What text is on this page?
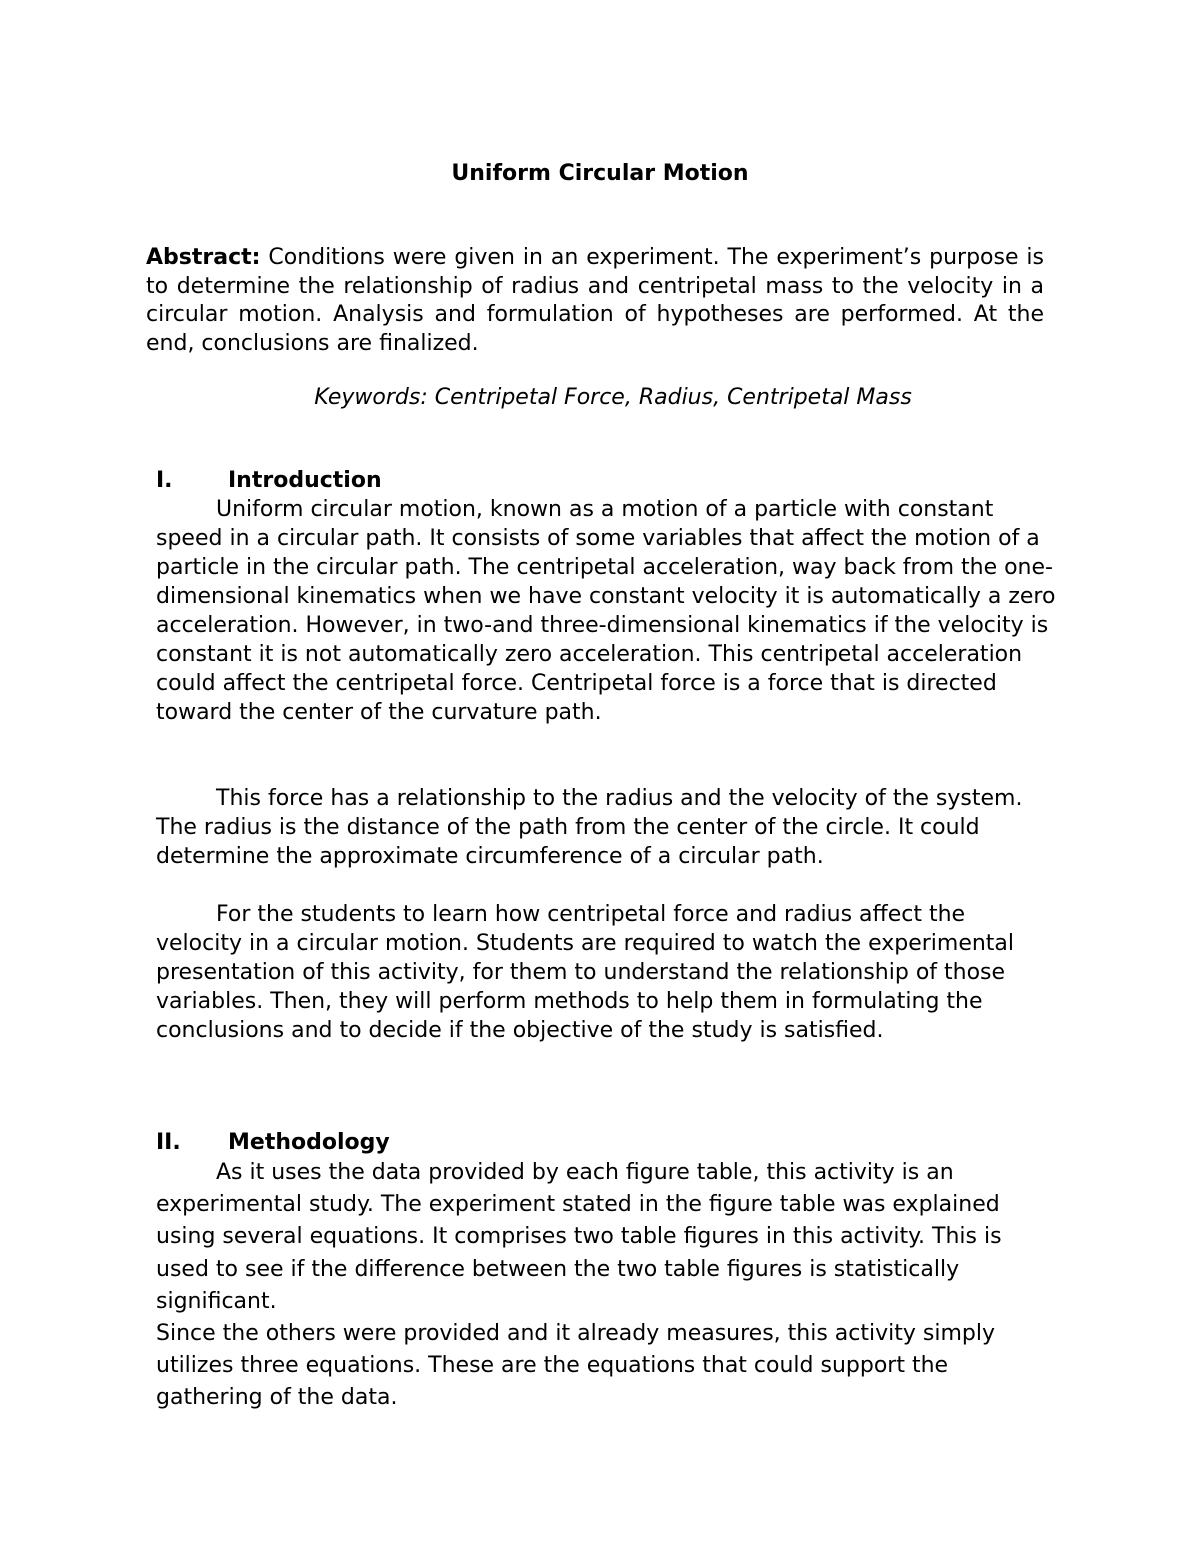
Uniform Circular Motion

Abstract: Conditions were given in an experiment. The experiment’s purpose is to determine the relationship of radius and centripetal mass to the velocity in a circular motion. Analysis and formulation of hypotheses are performed. At the end, conclusions are finalized.

Keywords: Centripetal Force, Radius, Centripetal Mass
I.	Introduction

Uniform circular motion, known as a motion of a particle with constant speed in a circular path. It consists of some variables that affect the motion of a particle in the circular path. The centripetal acceleration, way back from the one-dimensional kinematics when we have constant velocity it is automatically a zero acceleration. However, in two-and three-dimensional kinematics if the velocity is constant it is not automatically zero acceleration. This centripetal acceleration could affect the centripetal force. Centripetal force is a force that is directed toward the center of the curvature path.

This force has a relationship to the radius and the velocity of the system. The radius is the distance of the path from the center of the circle. It could determine the approximate circumference of a circular path.

For the students to learn how centripetal force and radius affect the velocity in a circular motion. Students are required to watch the experimental presentation of this activity, for them to understand the relationship of those variables. Then, they will perform methods to help them in formulating the conclusions and to decide if the objective of the study is satisfied.

II. Methodology

As it uses the data provided by each figure table, this activity is an experimental study. The experiment stated in the figure table was explained using several equations. It comprises two table figures in this activity. This is used to see if the difference between the two table figures is statistically significant.

Since the others were provided and it already measures, this activity simply utilizes three equations. These are the equations that could support the gathering of the data.
